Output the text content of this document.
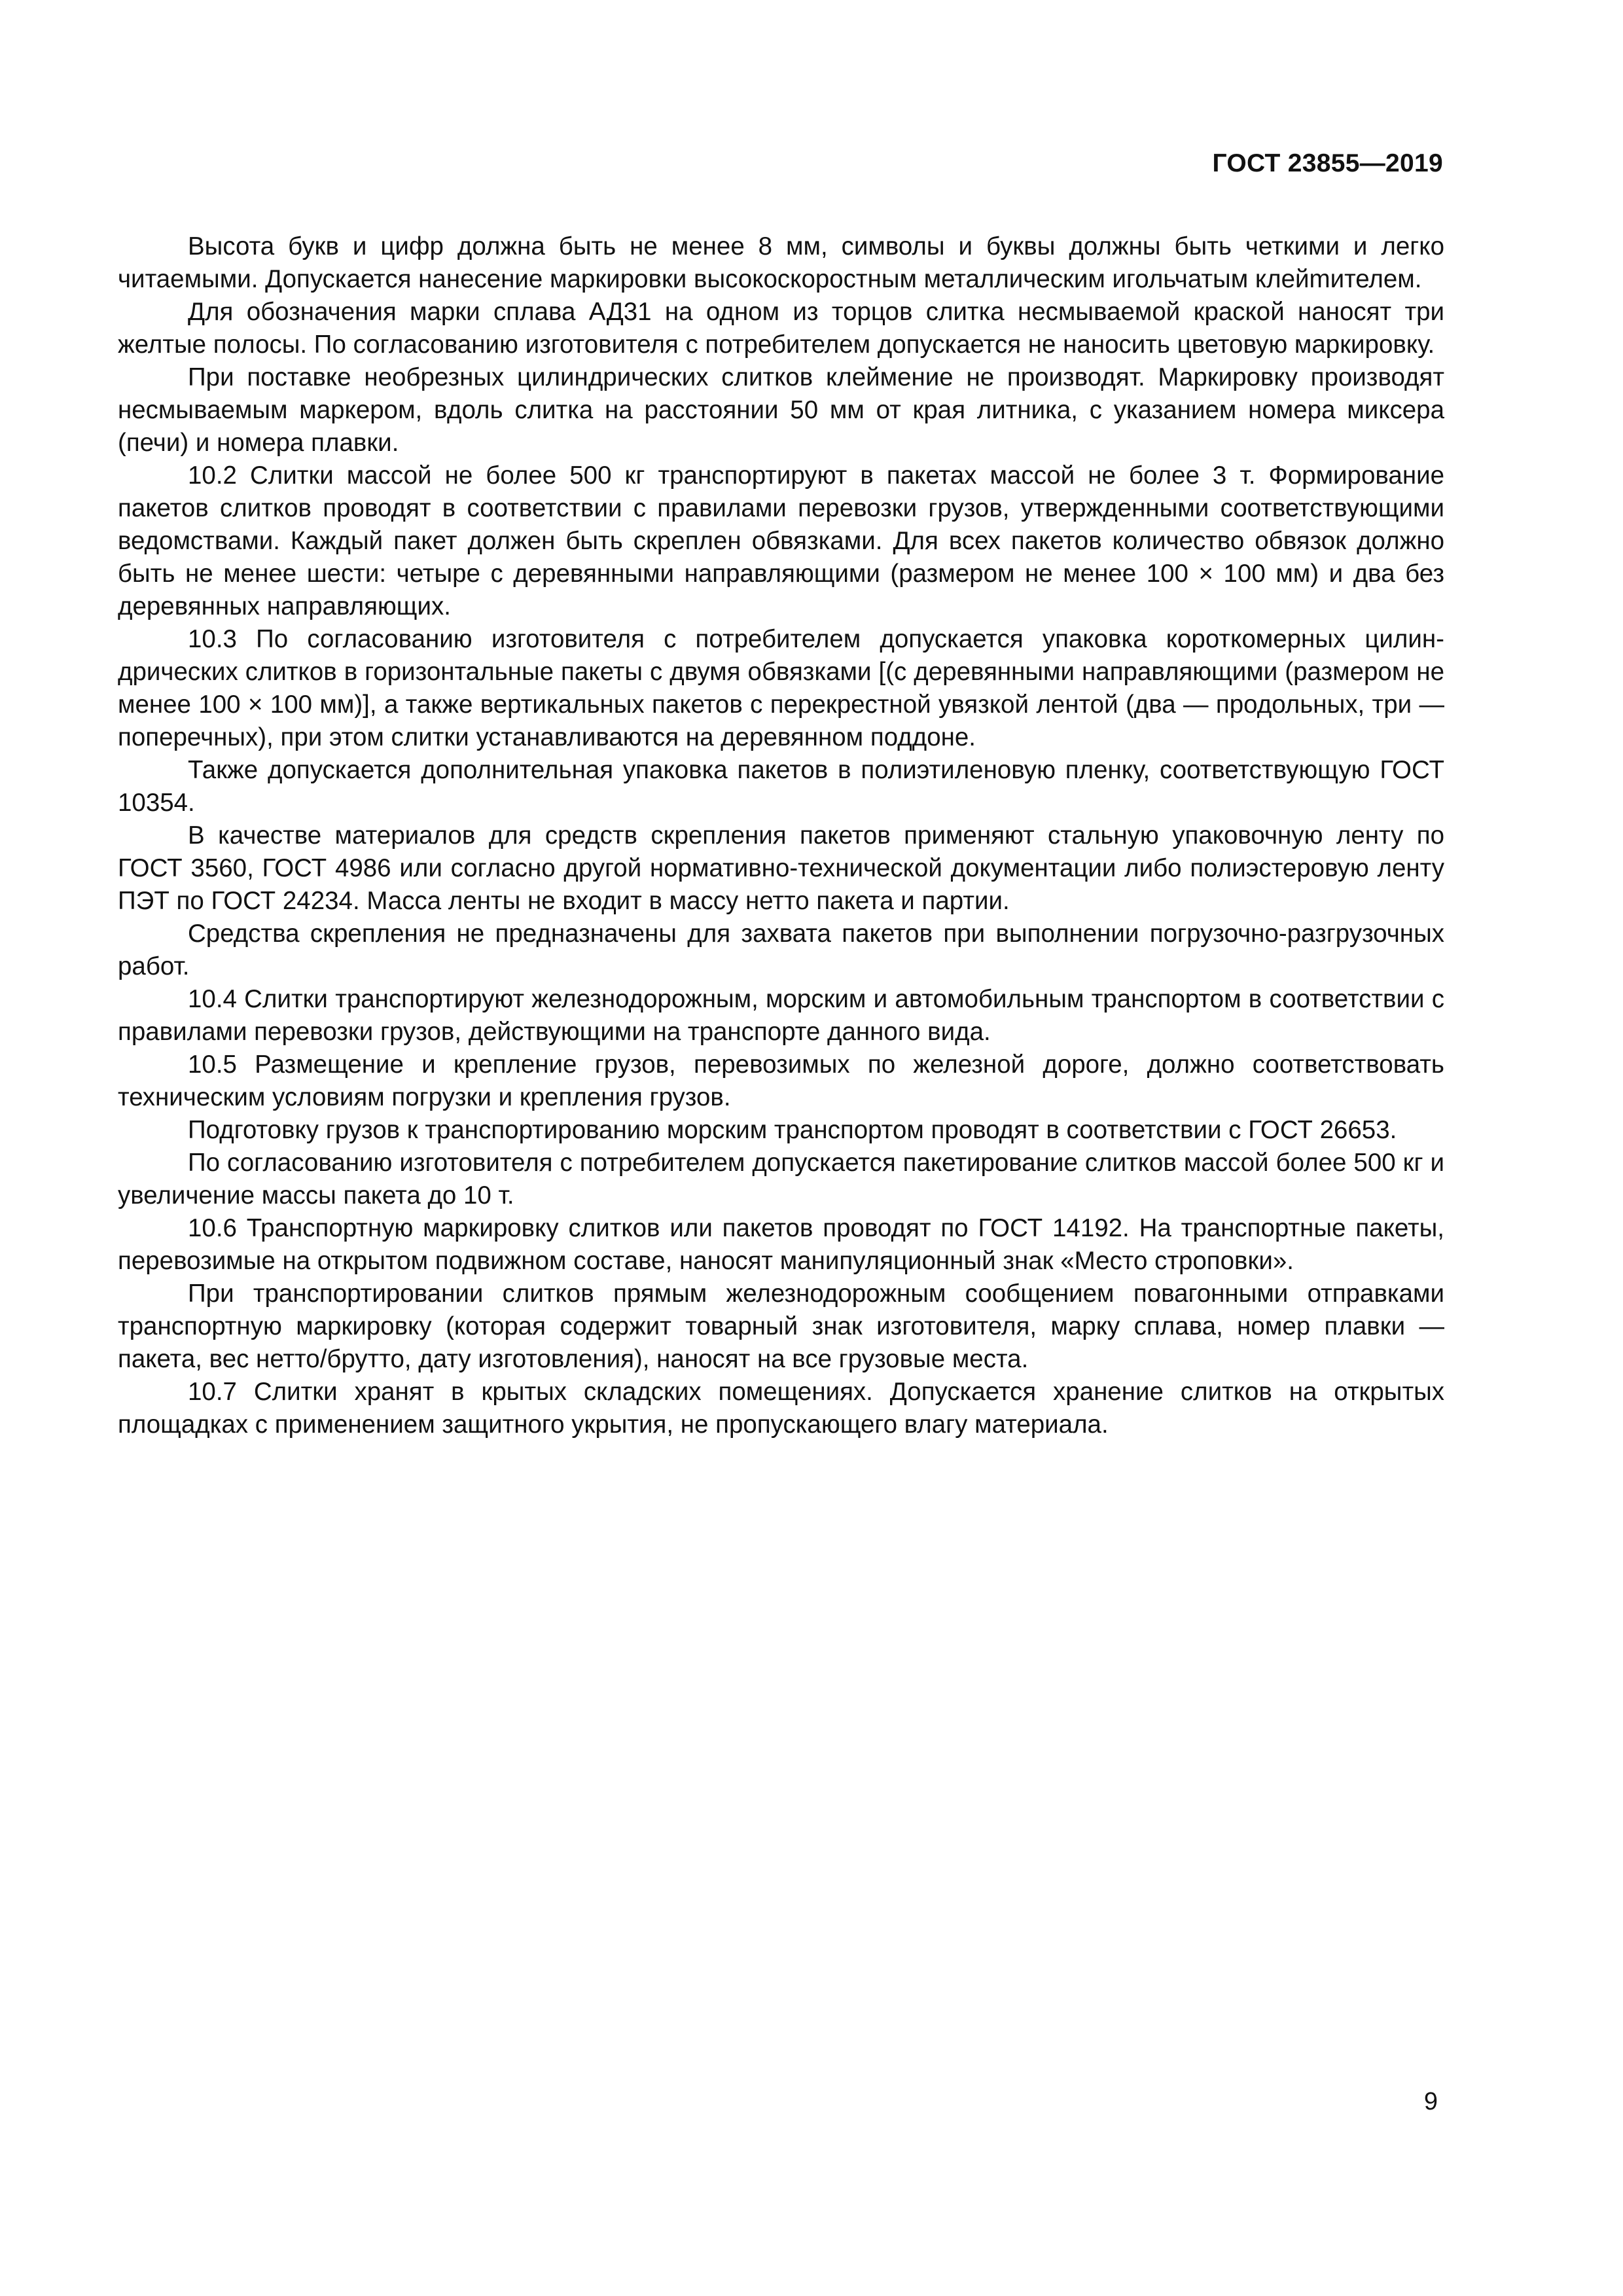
ГОСТ 23855—2019

Высота букв и цифр должна быть не менее 8 мм, символы и буквы должны быть четкими и легко читаемыми. Допускается нанесение маркировки высокоскоростным металлическим игольчатым клейmителем.

Для обозначения марки сплава АД31 на одном из торцов слитка несмываемой краской наносят три желтые полосы. По согласованию изготовителя с потребителем допускается не наносить цветовую маркировку.

При поставке необрезных цилиндрических слитков клеймение не производят. Маркировку производят несмываемым маркером, вдоль слитка на расстоянии 50 мм от края литника, с указанием номера миксера (печи) и номера плавки.

10.2 Слитки массой не более 500 кг транспортируют в пакетах массой не более 3 т. Формирование пакетов слитков проводят в соответствии с правилами перевозки грузов, утвержденными соответствующими ведомствами. Каждый пакет должен быть скреплен обвязками. Для всех пакетов количество обвязок должно быть не менее шести: четыре с деревянными направляющими (размером не менее 100 × 100 мм) и два без деревянных направляющих.

10.3 По согласованию изготовителя с потребителем допускается упаковка короткомерных цилиндрических слитков в горизонтальные пакеты с двумя обвязками [(с деревянными направляющими (размером не менее 100 × 100 мм)], а также вертикальных пакетов с перекрестной увязкой лентой (два — продольных, три — поперечных), при этом слитки устанавливаются на деревянном поддоне.

Также допускается дополнительная упаковка пакетов в полиэтиленовую пленку, соответствующую ГОСТ 10354.

В качестве материалов для средств скрепления пакетов применяют стальную упаковочную ленту по ГОСТ 3560, ГОСТ 4986 или согласно другой нормативно-технической документации либо полиэстеровую ленту ПЭТ по ГОСТ 24234. Масса ленты не входит в массу нетто пакета и партии.

Средства скрепления не предназначены для захвата пакетов при выполнении погрузочно-разгрузочных работ.

10.4 Слитки транспортируют железнодорожным, морским и автомобильным транспортом в соответствии с правилами перевозки грузов, действующими на транспорте данного вида.

10.5 Размещение и крепление грузов, перевозимых по железной дороге, должно соответствовать техническим условиям погрузки и крепления грузов.

Подготовку грузов к транспортированию морским транспортом проводят в соответствии с ГОСТ 26653.

По согласованию изготовителя с потребителем допускается пакетирование слитков массой более 500 кг и увеличение массы пакета до 10 т.

10.6 Транспортную маркировку слитков или пакетов проводят по ГОСТ 14192. На транспортные пакеты, перевозимые на открытом подвижном составе, наносят манипуляционный знак «Место строповки».

При транспортировании слитков прямым железнодорожным сообщением повагонными отправками транспортную маркировку (которая содержит товарный знак изготовителя, марку сплава, номер плавки — пакета, вес нетто/брутто, дату изготовления), наносят на все грузовые места.

10.7 Слитки хранят в крытых складских помещениях. Допускается хранение слитков на открытых площадках с применением защитного укрытия, не пропускающего влагу материала.

9
